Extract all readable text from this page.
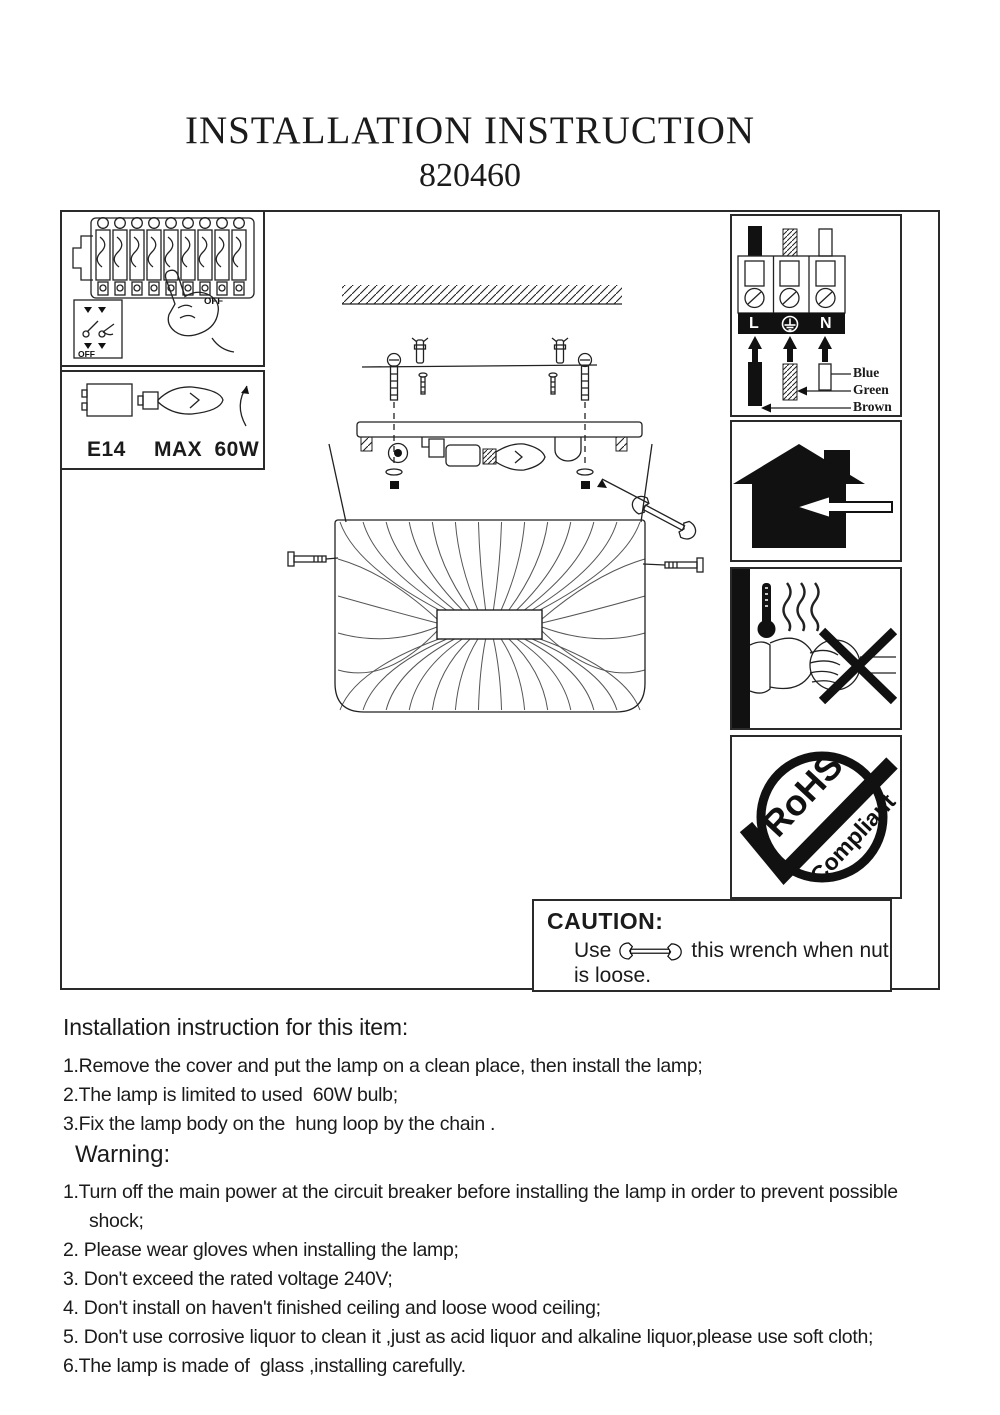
INSTALLATION INSTRUCTION
820460
OFF
OFF
E14 MAX 60W
L	N
Blue
Green
Brown
RoHS
Compliant
CAUTION:
Use	this wrench when nut
is loose.
Installation instruction for this item:
1.Remove the cover and put the lamp on a clean place, then install the lamp;
2.The lamp is limited to used  60W bulb;
3.Fix the lamp body on the  hung loop by the chain .
Warning:
1.Turn off the main power at the circuit breaker before installing the lamp in order to prevent possible shock;
2. Please wear gloves when installing the lamp;
3. Don't exceed the rated voltage 240V;
4. Don't install on haven't finished ceiling and loose wood ceiling;
5. Don't use corrosive liquor to clean it ,just as acid liquor and alkaline liquor,please use soft cloth;
6.The lamp is made of  glass ,installing carefully.
